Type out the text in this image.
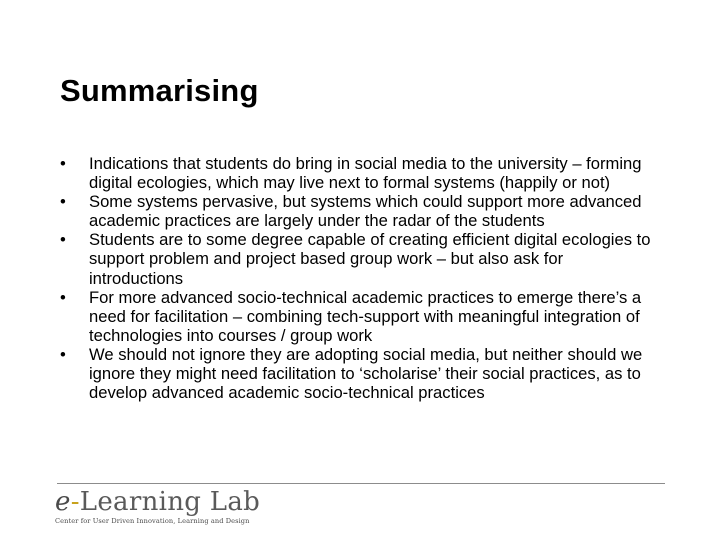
Summarising
• Indications that students do bring in social media to the university – forming digital ecologies, which may live next to formal systems (happily or not)
• Some systems pervasive, but systems which could support more advanced academic practices are largely under the radar of the students
• Students are to some degree capable of creating efficient digital ecologies to support problem and project based group work – but also ask for introductions
• For more advanced socio-technical academic practices to emerge there’s a need for facilitation – combining tech-support with meaningful integration of technologies into courses / group work
• We should not ignore they are adopting social media, but neither should we ignore they might need facilitation to ‘scholarise’ their social practices, as to develop advanced academic socio-technical practices
e-Learning Lab
Center for User Driven Innovation, Learning and Design
